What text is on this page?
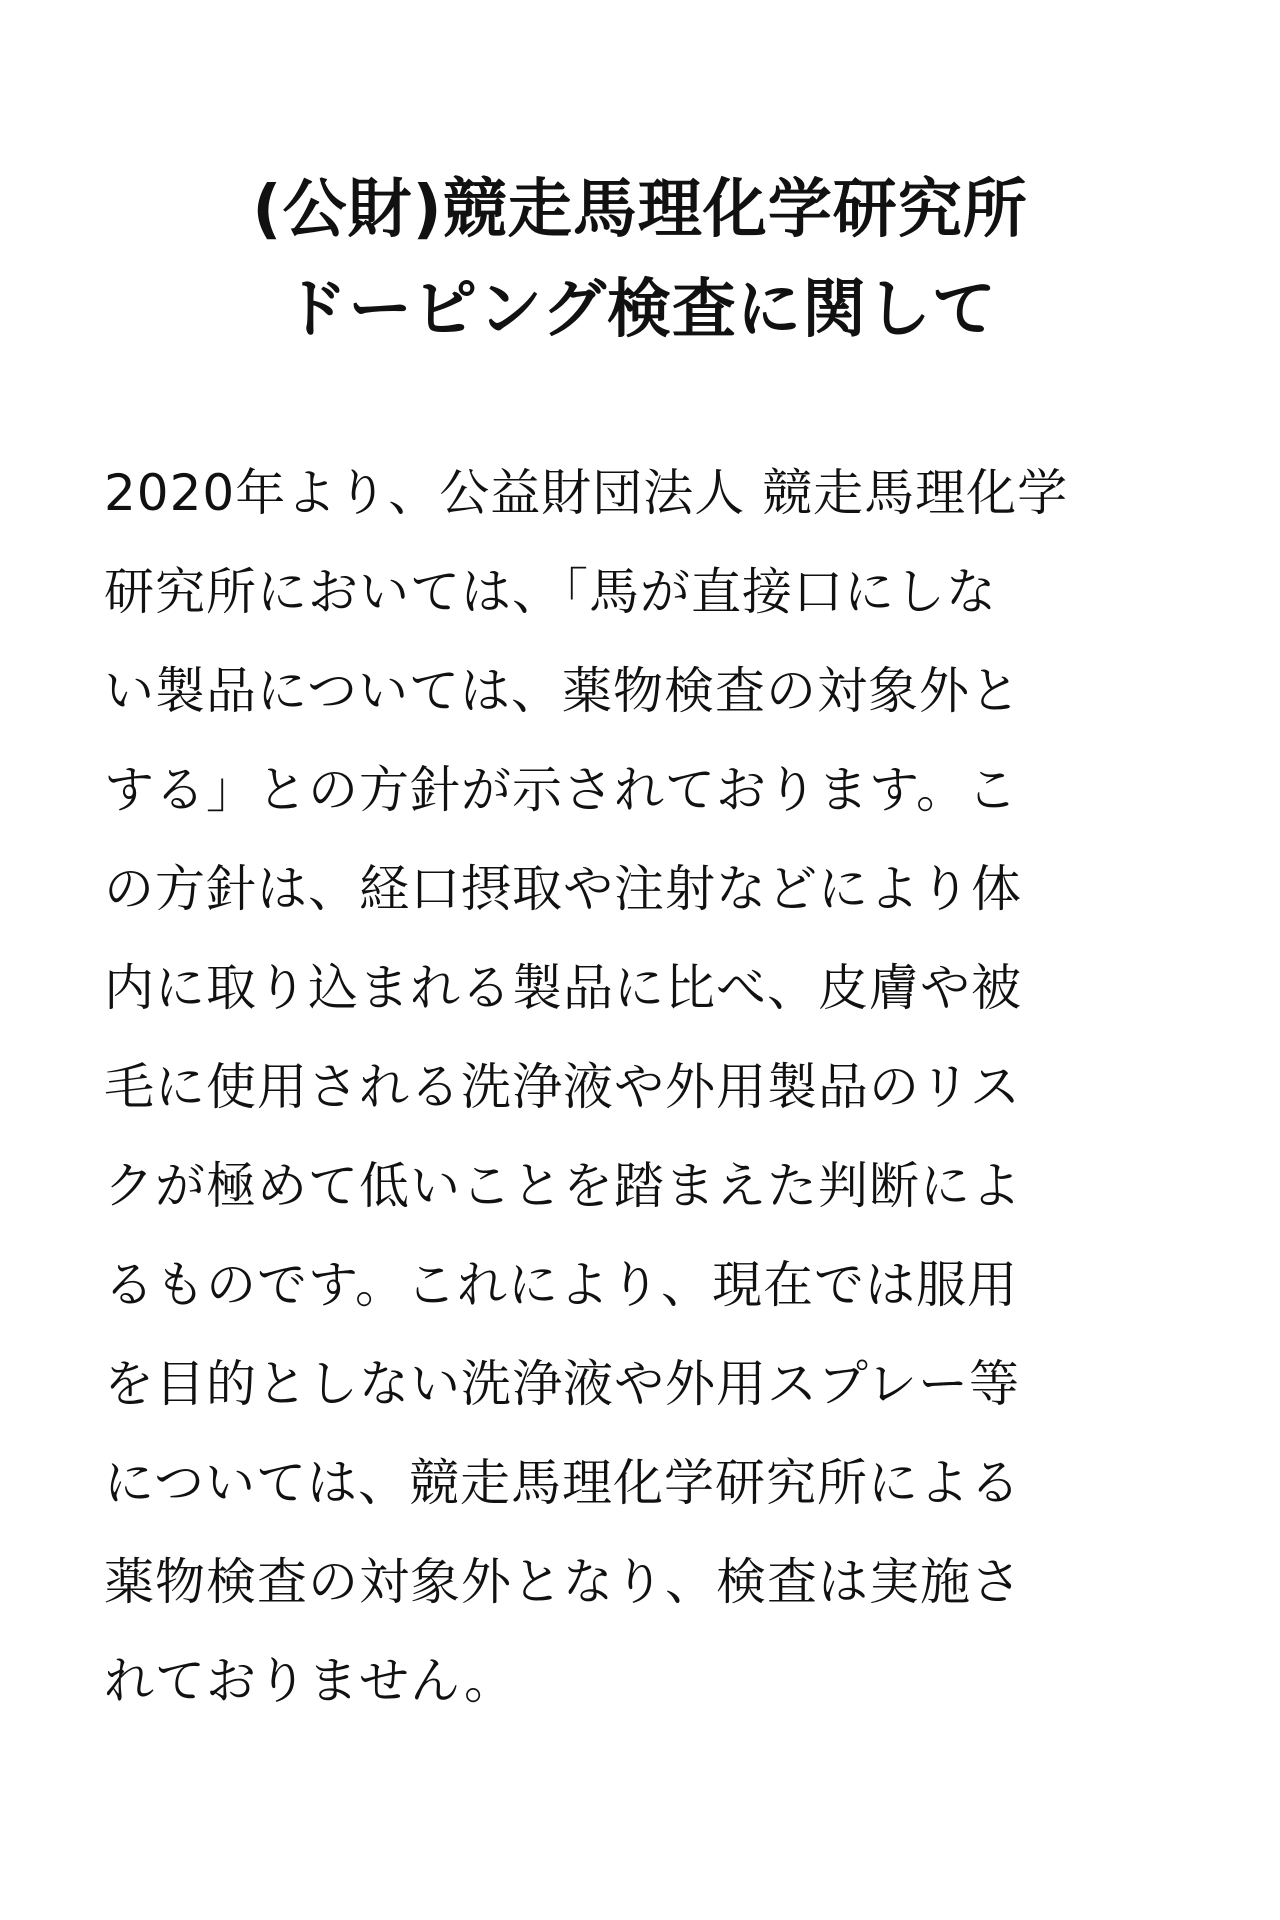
(公財)競走馬理化学研究所
ドーピング検査に関して
2020年より、公益財団法人 競走馬理化学
研究所においては、「馬が直接口にしな
い製品については、薬物検査の対象外と
する」との方針が示されております。こ
の方針は、経口摂取や注射などにより体
内に取り込まれる製品に比べ、皮膚や被
毛に使用される洗浄液や外用製品のリス
クが極めて低いことを踏まえた判断によ
るものです。これにより、現在では服用
を目的としない洗浄液や外用スプレー等
については、競走馬理化学研究所による
薬物検査の対象外となり、検査は実施さ
れておりません。
